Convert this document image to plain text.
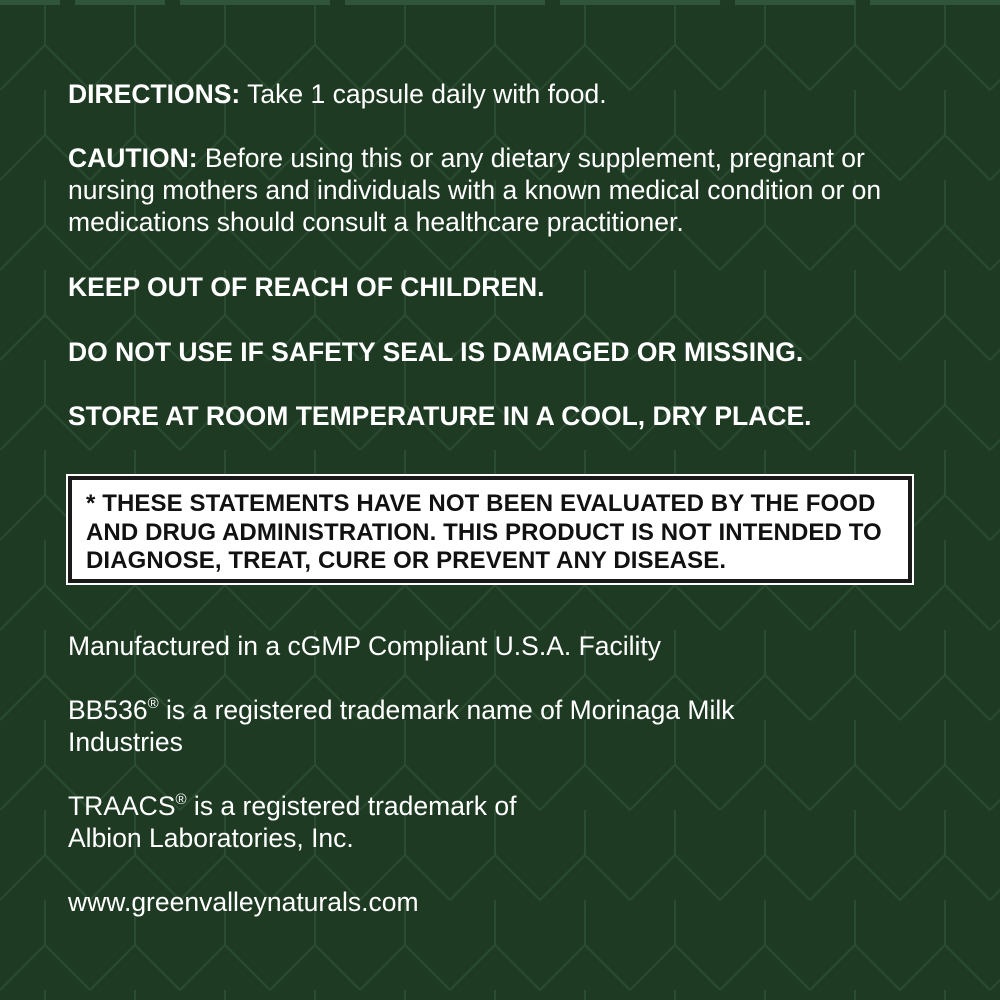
DIRECTIONS: Take 1 capsule daily with food.

CAUTION: Before using this or any dietary supplement, pregnant or nursing mothers and individuals with a known medical condition or on medications should consult a healthcare practitioner.

KEEP OUT OF REACH OF CHILDREN.

DO NOT USE IF SAFETY SEAL IS DAMAGED OR MISSING.

STORE AT ROOM TEMPERATURE IN A COOL, DRY PLACE.

* THESE STATEMENTS HAVE NOT BEEN EVALUATED BY THE FOOD AND DRUG ADMINISTRATION. THIS PRODUCT IS NOT INTENDED TO DIAGNOSE, TREAT, CURE OR PREVENT ANY DISEASE.

Manufactured in a cGMP Compliant U.S.A. Facility

BB536® is a registered trademark name of Morinaga Milk Industries

TRAACS® is a registered trademark of Albion Laboratories, Inc.

www.greenvalleynaturals.com
